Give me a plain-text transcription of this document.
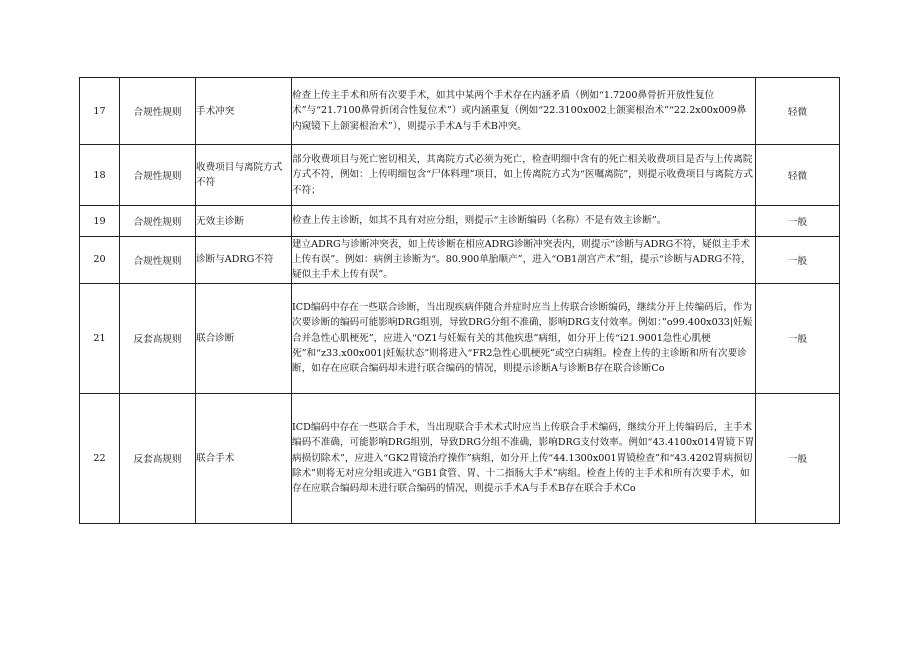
17	合规性规则	手术冲突	检查上传主手术和所有次要手术，如其中某两个手术存在内涵矛盾（例如“1.7200鼻骨折开放性复位术”与“21.7100鼻骨折闭合性复位术”）或内涵重复（例如“22.3100x002上颌窦根治术”“22.2x00x009鼻内窥镜下上颌窦根治术”），则提示手术A与手术B冲突。	轻微
18	合规性规则	收费项目与离院方式不符	部分收费项目与死亡密切相关，其离院方式必须为死亡，检查明细中含有的死亡相关收费项目是否与上传离院方式不符，例如：上传明细包含“尸体料理”项目，如上传离院方式为“医嘱离院”，则提示收费项目与离院方式不符；	轻微
19	合规性规则	无效主诊断	检查上传主诊断，如其不具有对应分组，则提示“主诊断编码（名称）不是有效主诊断”。	一般
20	合规性规则	诊断与ADRG不符	建立ADRG与诊断冲突表，如上传诊断在相应ADRG诊断冲突表内，则提示“诊断与ADRG不符，疑似主手术上传有误”。例如：病例主诊断为“。80.900单胎顺产”，进入“OB1剖宫产术”组，提示“诊断与ADRG不符，疑似主手术上传有误”。	一般
21	反套高规则	联合诊断	ICD编码中存在一些联合诊断，当出现疾病伴随合并症时应当上传联合诊断编码，继续分开上传编码后，作为次要诊断的编码可能影响DRG组别，导致DRG分组不准确，影响DRG支付效率。例如：”o99.400x033|妊娠合并急性心肌梗死”，应进入“OZ1与妊娠有关的其他疾患”病组，如分开上传“i21.9001急性心肌梗死”和“z33.x00x001|妊娠状态”则将进入“FR2急性心肌梗死”或空白病组。检查上传的主诊断和所有次要诊断，如存在应联合编码却未进行联合编码的情况，则提示诊断A与诊断B存在联合诊断Co	一般
22	反套高规则	联合手术	ICD编码中存在一些联合手术，当出现联合手术术式时应当上传联合手术编码，继续分开上传编码后，主手术编码不准确，可能影响DRG组别，导致DRG分组不准确，影响DRG支付效率。例如“43.4100x014胃镜下胃病损切除术”，应进入“GK2胃镜治疗操作”病组，如分开上传“44.1300x001胃镜检查”和“43.4202胃病损切除术”则将无对应分组或进入“GB1食管、胃、十二指肠大手术”病组。检查上传的主手术和所有次要手术，如存在应联合编码却未进行联合编码的情况，则提示手术A与手术B存在联合手术Co	一般
